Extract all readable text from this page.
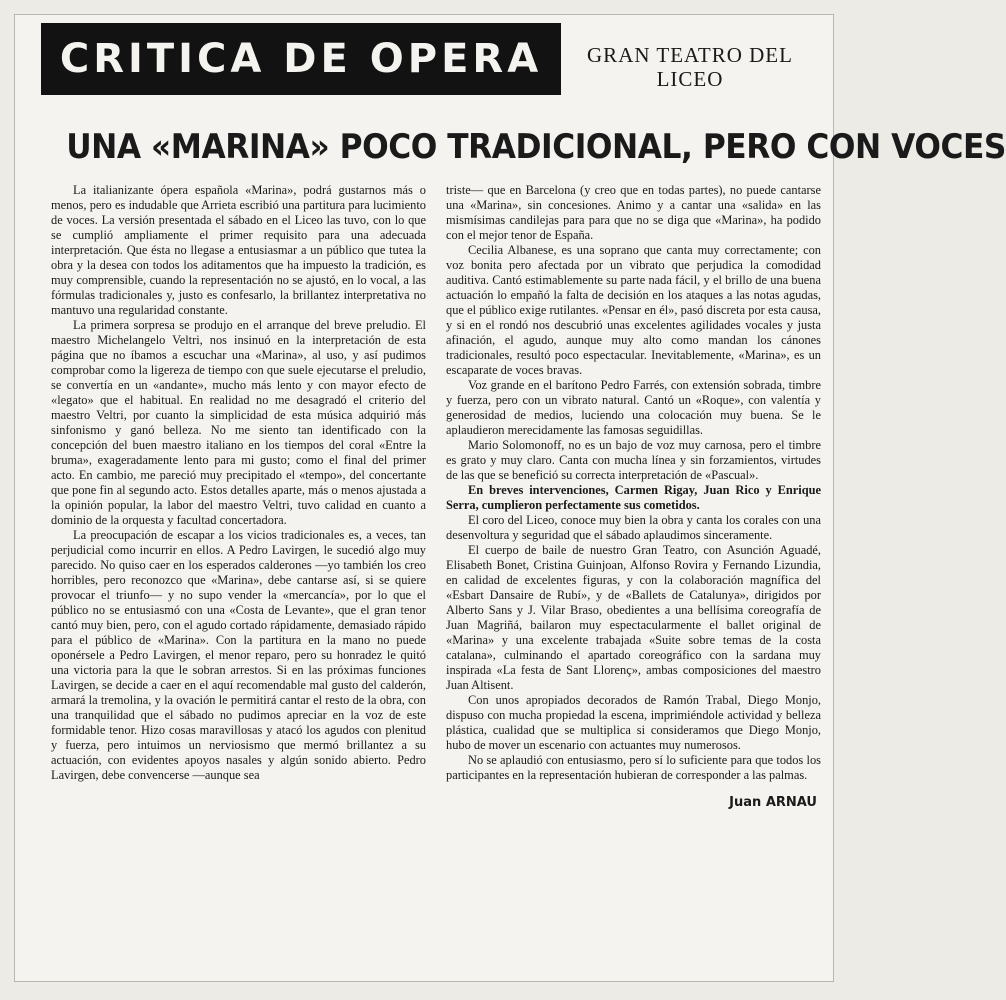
CRITICA DE OPERA	GRAN TEATRO DEL LICEO
UNA «MARINA» POCO TRADICIONAL, PERO CON VOCES

La italianizante ópera española «Marina», podrá gustarnos más o menos, pero es indudable que Arrieta escribió una partitura para lucimiento de voces. La versión presentada el sábado en el Liceo las tuvo, con lo que se cumplió ampliamente el primer requisito para una adecuada interpretación. Que ésta no llegase a entusiasmar a un público que tutea la obra y la desea con todos los aditamentos que ha impuesto la tradición, es muy comprensible, cuando la representación no se ajustó, en lo vocal, a las fórmulas tradicionales y, justo es confesarlo, la brillantez interpretativa no mantuvo una regularidad constante.

La primera sorpresa se produjo en el arranque del breve preludio. El maestro Michelangelo Veltri, nos insinuó en la interpretación de esta página que no íbamos a escuchar una «Marina», al uso, y así pudimos comprobar como la ligereza de tiempo con que suele ejecutarse el preludio, se convertía en un «andante», mucho más lento y con mayor efecto de «legato» que el habitual. En realidad no me desagradó el criterio del maestro Veltri, por cuanto la simplicidad de esta música adquirió más sinfonismo y ganó belleza. No me siento tan identificado con la concepción del buen maestro italiano en los tiempos del coral «Entre la bruma», exageradamente lento para mi gusto; como el final del primer acto. En cambio, me pareció muy precipitado el «tempo», del concertante que pone fin al segundo acto. Estos detalles aparte, más o menos ajustada a la opinión popular, la labor del maestro Veltri, tuvo calidad en cuanto a dominio de la orquesta y facultad concertadora.

La preocupación de escapar a los vicios tradicionales es, a veces, tan perjudicial como incurrir en ellos. A Pedro Lavirgen, le sucedió algo muy parecido. No quiso caer en los esperados calderones —yo también los creo horribles, pero reconozco que «Marina», debe cantarse así, si se quiere provocar el triunfo— y no supo vender la «mercancía», por lo que el público no se entusiasmó con una «Costa de Levante», que el gran tenor cantó muy bien, pero, con el agudo cortado rápidamente, demasiado rápido para el público de «Marina». Con la partitura en la mano no puede oponérsele a Pedro Lavirgen, el menor reparo, pero su honradez le quitó una victoria para la que le sobran arrestos. Si en las próximas funciones Lavirgen, se decide a caer en el aquí recomendable mal gusto del calderón, armará la tremolina, y la ovación le permitirá cantar el resto de la obra, con una tranquilidad que el sábado no pudimos apreciar en la voz de este formidable tenor. Hizo cosas maravillosas y atacó los agudos con plenitud y fuerza, pero intuimos un nerviosismo que mermó brillantez a su actuación, con evidentes apoyos nasales y algún sonido abierto. Pedro Lavirgen, debe convencerse —aunque sea

triste— que en Barcelona (y creo que en todas partes), no puede cantarse una «Marina», sin concesiones. Animo y a cantar una «salida» en las mismísimas candilejas para para que no se diga que «Marina», ha podido con el mejor tenor de España.

Cecilia Albanese, es una soprano que canta muy correctamente; con voz bonita pero afectada por un vibrato que perjudica la comodidad auditiva. Cantó estimablemente su parte nada fácil, y el brillo de una buena actuación lo empañó la falta de decisión en los ataques a las notas agudas, que el público exige rutilantes. «Pensar en él», pasó discreta por esta causa, y si en el rondó nos descubrió unas excelentes agilidades vocales y justa afinación, el agudo, aunque muy alto como mandan los cánones tradicionales, resultó poco espectacular. Inevitablemente, «Marina», es un escaparate de voces bravas.

Voz grande en el barítono Pedro Farrés, con extensión sobrada, timbre y fuerza, pero con un vibrato natural. Cantó un «Roque», con valentía y generosidad de medios, luciendo una colocación muy buena. Se le aplaudieron merecidamente las famosas seguidillas.

Mario Solomonoff, no es un bajo de voz muy carnosa, pero el timbre es grato y muy claro. Canta con mucha línea y sin forzamientos, virtudes de las que se benefició su correcta interpretación de «Pascual».

En breves intervenciones, Carmen Rigay, Juan Rico y Enrique Serra, cumplieron perfectamente sus cometidos.

El coro del Liceo, conoce muy bien la obra y canta los corales con una desenvoltura y seguridad que el sábado aplaudimos sinceramente.

El cuerpo de baile de nuestro Gran Teatro, con Asunción Aguadé, Elisabeth Bonet, Cristina Guinjoan, Alfonso Rovira y Fernando Lizundia, en calidad de excelentes figuras, y con la colaboración magnífica del «Esbart Dansaire de Rubí», y de «Ballets de Catalunya», dirigidos por Alberto Sans y J. Vilar Braso, obedientes a una bellísima coreografía de Juan Magriñá, bailaron muy espectacularmente el ballet original de «Marina» y una excelente trabajada «Suite sobre temas de la costa catalana», culminando el apartado coreográfico con la sardana muy inspirada «La festa de Sant Llorenç», ambas composiciones del maestro Juan Altisent.

Con unos apropiados decorados de Ramón Trabal, Diego Monjo, dispuso con mucha propiedad la escena, imprimiéndole actividad y belleza plástica, cualidad que se multiplica si consideramos que Diego Monjo, hubo de mover un escenario con actuantes muy numerosos.

No se aplaudió con entusiasmo, pero sí lo suficiente para que todos los participantes en la representación hubieran de corresponder a las palmas.

Juan ARNAU
